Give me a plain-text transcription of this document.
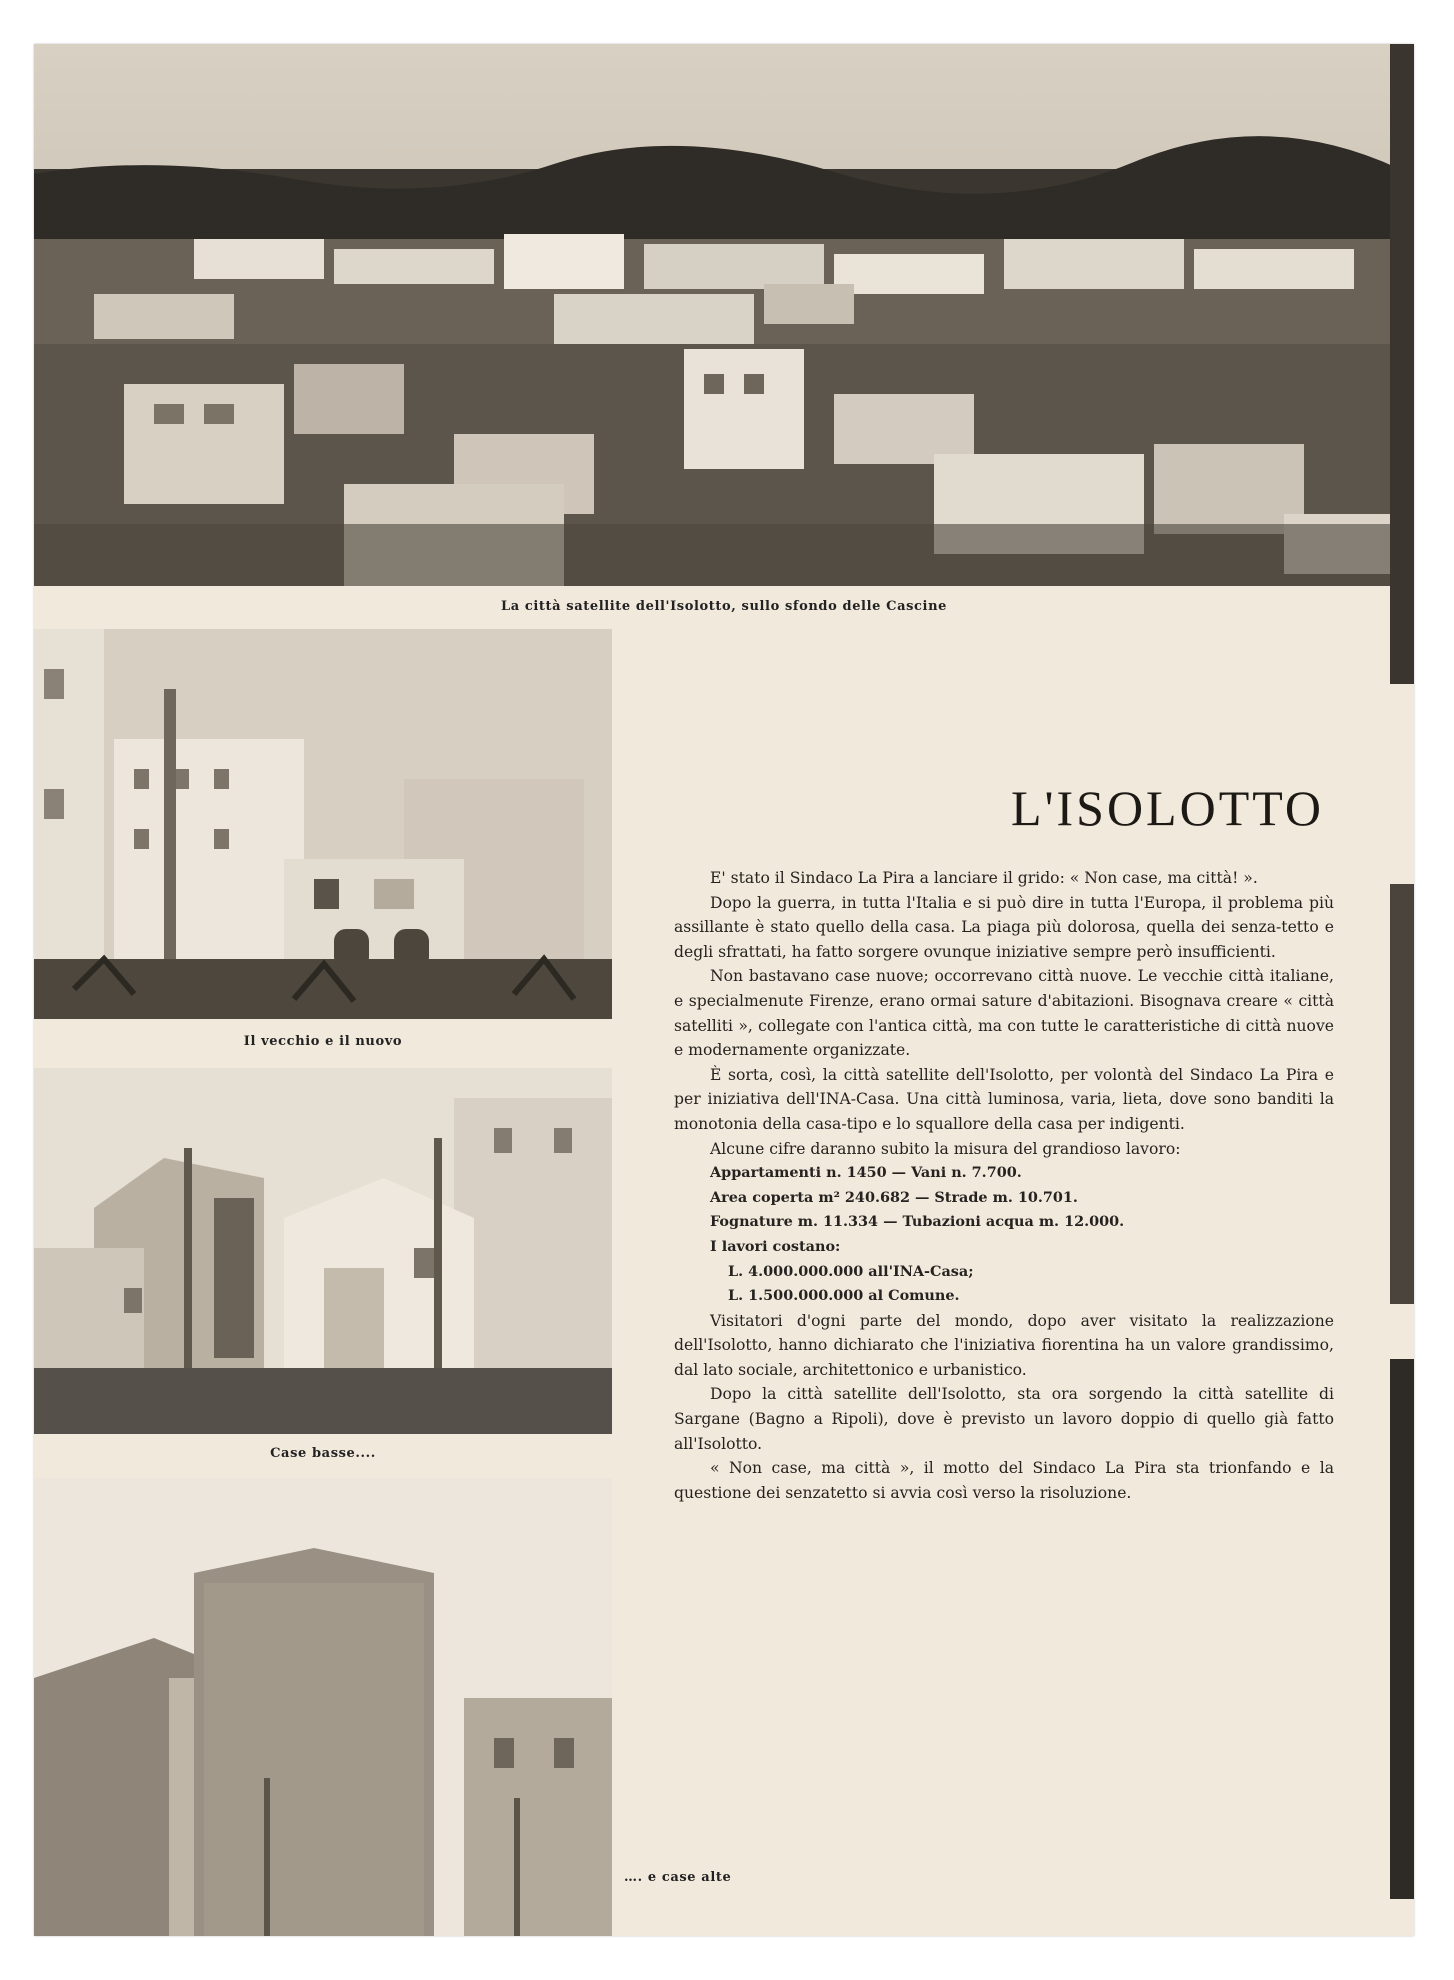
La città satellite dell'Isolotto, sullo sfondo delle Cascine
Il vecchio e il nuovo
Case basse....
…. e case alte
L'ISOLOTTO

E' stato il Sindaco La Pira a lanciare il grido: « Non case, ma città! ».

Dopo la guerra, in tutta l'Italia e si può dire in tutta l'Europa, il problema più assillante è stato quello della casa. La piaga più dolorosa, quella dei senza-tetto e degli sfrattati, ha fatto sorgere ovunque iniziative sempre però insufficienti.

Non bastavano case nuove; occorrevano città nuove. Le vecchie città italiane, e specialmenute Firenze, erano ormai sature d'abitazioni. Bisognava creare « città satelliti », collegate con l'antica città, ma con tutte le caratteristiche di città nuove e modernamente organizzate.

È sorta, così, la città satellite dell'Isolotto, per volontà del Sindaco La Pira e per iniziativa dell'INA-Casa. Una città luminosa, varia, lieta, dove sono banditi la monotonia della casa-tipo e lo squallore della casa per indigenti.

Alcune cifre daranno subito la misura del grandioso lavoro:

Appartamenti n. 1450 — Vani n. 7.700.

Area coperta m² 240.682 — Strade m. 10.701.

Fognature m. 11.334 — Tubazioni acqua m. 12.000.

I lavori costano:

L. 4.000.000.000 all'INA-Casa;

L. 1.500.000.000 al Comune.

Visitatori d'ogni parte del mondo, dopo aver visitato la realizzazione dell'Isolotto, hanno dichiarato che l'iniziativa fiorentina ha un valore grandissimo, dal lato sociale, architettonico e urbanistico.

Dopo la città satellite dell'Isolotto, sta ora sorgendo la città satellite di Sargane (Bagno a Ripoli), dove è previsto un lavoro doppio di quello già fatto all'Isolotto.

« Non case, ma città », il motto del Sindaco La Pira sta trionfando e la questione dei senzatetto si avvia così verso la risoluzione.
